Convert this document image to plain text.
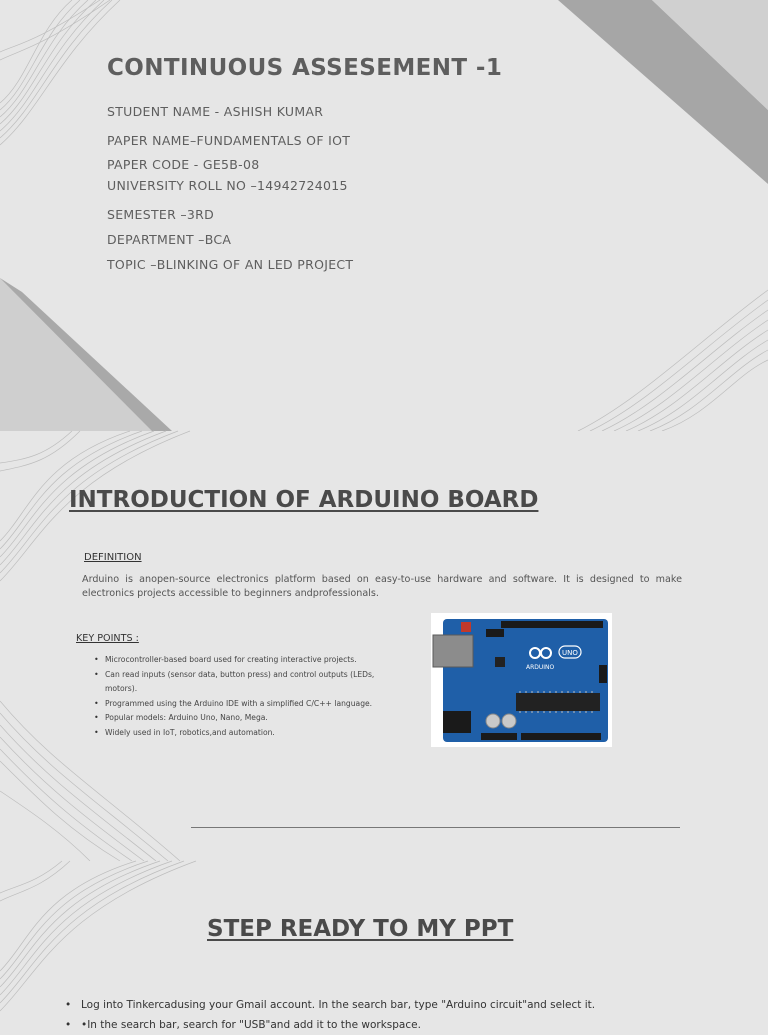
CONTINUOUS ASSESEMENT -1
STUDENT NAME - ASHISH KUMAR
PAPER NAME–FUNDAMENTALS OF IOT
PAPER CODE - GE5B-08
UNIVERSITY ROLL NO –14942724015
SEMESTER –3RD
DEPARTMENT –BCA
TOPIC –BLINKING OF AN LED PROJECT
INTRODUCTION OF ARDUINO BOARD
DEFINITION
Arduino is anopen-source electronics platform based on easy-to-use hardware and software. It is designed to make electronics projects accessible to beginners andprofessionals.
KEY POINTS :
• Microcontroller-based board used for creating interactive projects.
• Can read inputs (sensor data, button press) and control outputs (LEDs, motors).
• Programmed using the Arduino IDE with a simplified C/C++ language.
• Popular models: Arduino Uno, Nano, Mega.
• Widely used in IoT, robotics,and automation.
ARDUINO
UNO
STEP READY TO MY PPT
• Log into Tinkercadusing your Gmail account. In the search bar, type "Arduino circuit"and select it.
• •In the search bar, search for "USB"and add it to the workspace.
